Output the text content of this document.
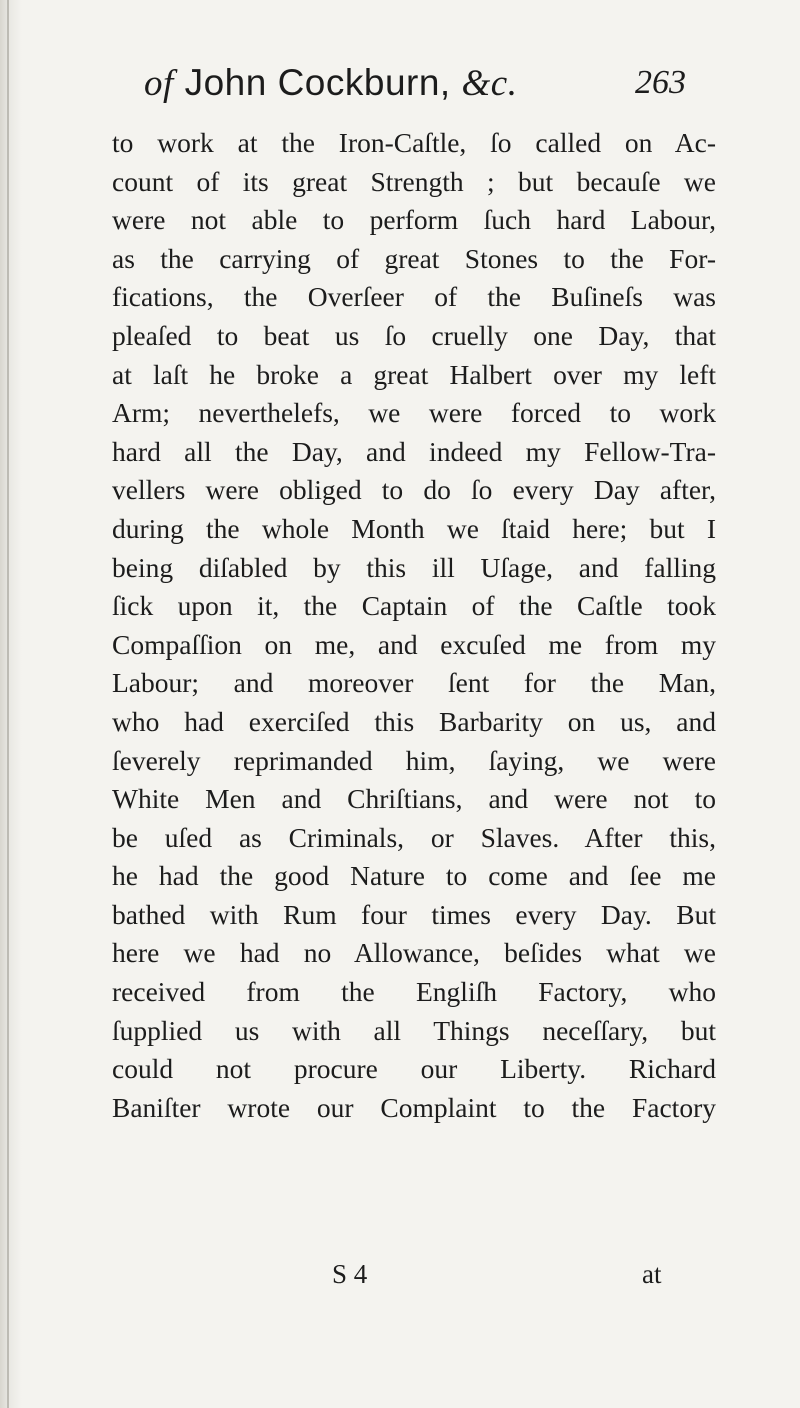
of John Cockburn, &c.	263
to work at the Iron-Caſtle, ſo called on Ac-
count of its great Strength ; but becauſe we
were not able to perform ſuch hard Labour,
as the carrying of great Stones to the For-
fications, the Overſeer of the Buſineſs was
pleaſed to beat us ſo cruelly one Day, that
at laſt he broke a great Halbert over my left
Arm; neverthelefs, we were forced to work
hard all the Day, and indeed my Fellow-Tra-
vellers were obliged to do ſo every Day after,
during the whole Month we ſtaid here; but I
being diſabled by this ill Uſage, and falling
ſick upon it, the Captain of the Caſtle took
Compaſſion on me, and excuſed me from my
Labour; and moreover ſent for the Man,
who had exerciſed this Barbarity on us, and
ſeverely reprimanded him, ſaying, we were
White Men and Chriſtians, and were not to
be uſed as Criminals, or Slaves. After this,
he had the good Nature to come and ſee me
bathed with Rum four times every Day. But
here we had no Allowance, beſides what we
received from the Engliſh Factory, who
ſupplied us with all Things neceſſary, but
could not procure our Liberty. Richard
Baniſter wrote our Complaint to the Factory
S 4	at
